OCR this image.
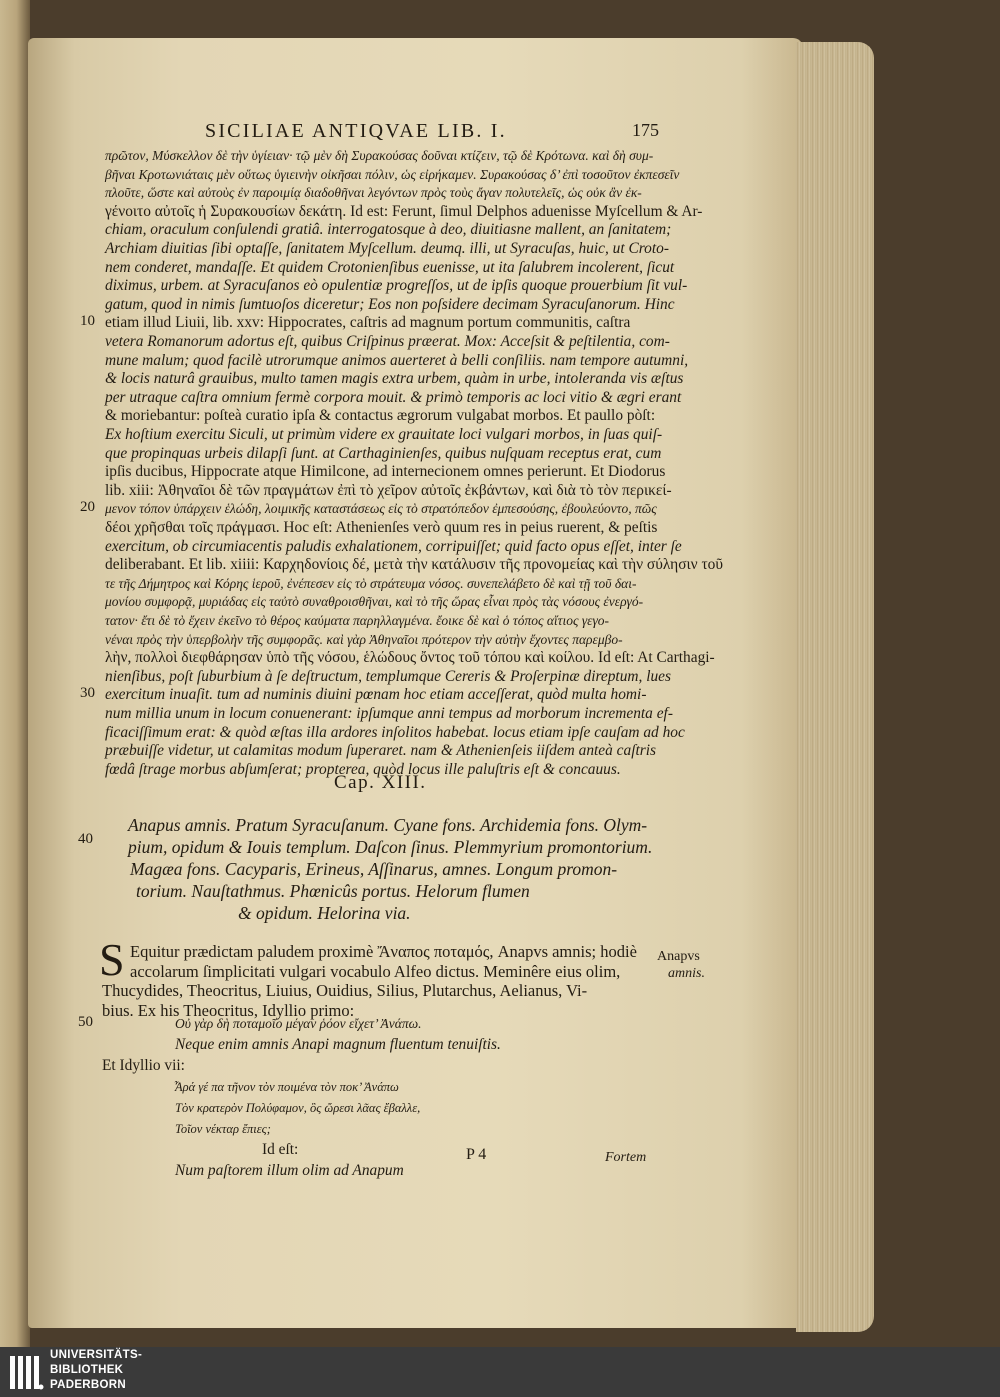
SICILIAE ANTIQVAE LIB. I.	175
πρῶτον, Μύσκελλον δὲ τὴν ὑγίειαν· τῷ μὲν δὴ Συρακούσας δοῦναι κτίζειν, τῷ δὲ Κρότωνα. καὶ δὴ συμ-
βῆναι Κροτωνιάταις μὲν οὕτως ὑγιεινὴν οἰκῆσαι πόλιν, ὡς εἰρήκαμεν. Συρακούσας δ’ ἐπὶ τοσοῦτον ἐκπεσεῖν
πλοῦτε, ὥστε καὶ αὐτοὺς ἐν παροιμίᾳ διαδοθῆναι λεγόντων πρὸς τοὺς ἄγαν πολυτελεῖς, ὡς οὐκ ἂν ἐκ-
γένοιτο αὐτοῖς ἡ Συρακουσίων δεκάτη. Id est: Ferunt, ſimul Delphos aduenisse Myſcellum & Ar-
chiam, oraculum conſulendi gratiâ. interrogatosque à deo, diuitiasne mallent, an ſanitatem;
Archiam diuitias ſibi optaſſe, ſanitatem Myſcellum. deumq. illi, ut Syracuſas, huic, ut Croto-
nem conderet, mandaſſe. Et quidem Crotonienſibus euenisse, ut ita ſalubrem incolerent, ſicut
diximus, urbem. at Syracuſanos eò opulentiæ progreſſos, ut de ipſis quoque prouerbium ſit vul-
gatum, quod in nimis ſumtuoſos diceretur; Eos non poſsidere decimam Syracuſanorum. Hinc
etiam illud Liuii, lib. xxv: Hippocrates, caſtris ad magnum portum communitis, caſtra
10
vetera Romanorum adortus eſt, quibus Criſpinus præerat. Mox: Acceſsit & peſtilentia, com-
mune malum; quod facilè utrorumque animos auerteret à belli conſiliis. nam tempore autumni,
& locis naturâ grauibus, multo tamen magis extra urbem, quàm in urbe, intoleranda vis æſtus
per utraque caſtra omnium fermè corpora mouit. & primò temporis ac loci vitio & ægri erant
& moriebantur: poſteà curatio ipſa & contactus ægrorum vulgabat morbos. Et paullo pòſt:
Ex hoſtium exercitu Siculi, ut primùm videre ex grauitate loci vulgari morbos, in ſuas quiſ-
que propinquas urbeis dilapſi ſunt. at Carthaginienſes, quibus nuſquam receptus erat, cum
ipſis ducibus, Hippocrate atque Himilcone, ad internecionem omnes perierunt. Et Diodorus
lib. xiii: Ἀθηναῖοι δὲ τῶν πραγμάτων ἐπὶ τὸ χεῖρον αὐτοῖς ἐκβάντων, καὶ διὰ τὸ τὸν περικεί-
μενον τόπον ὑπάρχειν ἑλώδη, λοιμικῆς καταστάσεως εἰς τὸ στρατόπεδον ἐμπεσούσης, ἐβουλεύοντο, πῶς
20
δέοι χρῆσθαι τοῖς πράγμασι. Hoc eſt: Athenienſes verò quum res in peius ruerent, & peſtis
exercitum, ob circumiacentis paludis exhalationem, corripuiſſet; quid facto opus eſſet, inter ſe
deliberabant. Et lib. xiiii: Καρχηδονίοις δέ, μετὰ τὴν κατάλυσιν τῆς προνομείας καὶ τὴν σύλησιν τοῦ
τε τῆς Δήμητρος καὶ Κόρης ἱεροῦ, ἐνέπεσεν εἰς τὸ στράτευμα νόσος. συνεπελάβετο δὲ καὶ τῇ τοῦ δαι-
μονίου συμφορᾷ, μυριάδας εἰς ταὐτὸ συναθροισθῆναι, καὶ τὸ τῆς ὥρας εἶναι πρὸς τὰς νόσους ἐνεργό-
τατον· ἔτι δὲ τὸ ἔχειν ἐκεῖνο τὸ θέρος καύματα παρηλλαγμένα. ἔοικε δὲ καὶ ὁ τόπος αἴτιος γεγο-
νέναι πρὸς τὴν ὑπερβολὴν τῆς συμφορᾶς. καὶ γὰρ Ἀθηναῖοι πρότερον τὴν αὐτὴν ἔχοντες παρεμβο-
λὴν, πολλοὶ διεφθάρησαν ὑπὸ τῆς νόσου, ἑλώδους ὄντος τοῦ τόπου καὶ κοίλου. Id eſt: At Carthagi-
nienſibus, poſt ſuburbium à ſe deſtructum, templumque Cereris & Proſerpinæ direptum, lues
exercitum inuaſit. tum ad numinis diuini pœnam hoc etiam acceſſerat, quòd multa homi-
30
num millia unum in locum conuenerant: ipſumque anni tempus ad morborum incrementa ef-
ficaciſſimum erat: & quòd æſtas illa ardores inſolitos habebat. locus etiam ipſe cauſam ad hoc
præbuiſſe videtur, ut calamitas modum ſuperaret. nam & Athenienſeis iiſdem anteà caſtris
fœdâ ſtrage morbus abſumſerat; propterea, quòd locus ille paluſtris eſt & concauus.
Cap. XIII.
Anapus amnis. Pratum Syracuſanum. Cyane fons. Archidemia fons. Olym-
pium, opidum & Iouis templum. Daſcon ſinus. Plemmyrium promontorium.
Magæa fons. Cacyparis, Erineus, Aſſinarus, amnes. Longum promon-
torium. Nauſtathmus. Phœnicûs portus. Helorum flumen
& opidum. Helorina via.
40
S Equitur prædictam paludem proximè Ἄναπος ποταμός, Anapvs amnis; hodiè
accolarum ſimplicitati vulgari vocabulo Alfeo dictus. Meminêre eius olim,
Thucydides, Theocritus, Liuius, Ouidius, Silius, Plutarchus, Aelianus, Vi-
bius. Ex his Theocritus, Idyllio primo:
Anapvs
amnis.
Οὐ γὰρ δὴ ποταμοῖο μέγαν ῥόον εἴχετ’ Ἀνάπω.
50
Neque enim amnis Anapi magnum fluentum tenuiſtis.
Et Idyllio vii:
Ἆρά γέ πα τῆνον τὸν ποιμένα τὸν ποκ’ Ἀνάπω
Τὸν κρατερὸν Πολύφαμον, ὃς ὤρεσι λᾶας ἔβαλλε,
Τοῖον νέκταρ ἔπιες;
Id eſt:
Num paſtorem illum olim ad Anapum
P 4	Fortem
UNIVERSITÄTS-
BIBLIOTHEK
PADERBORN
